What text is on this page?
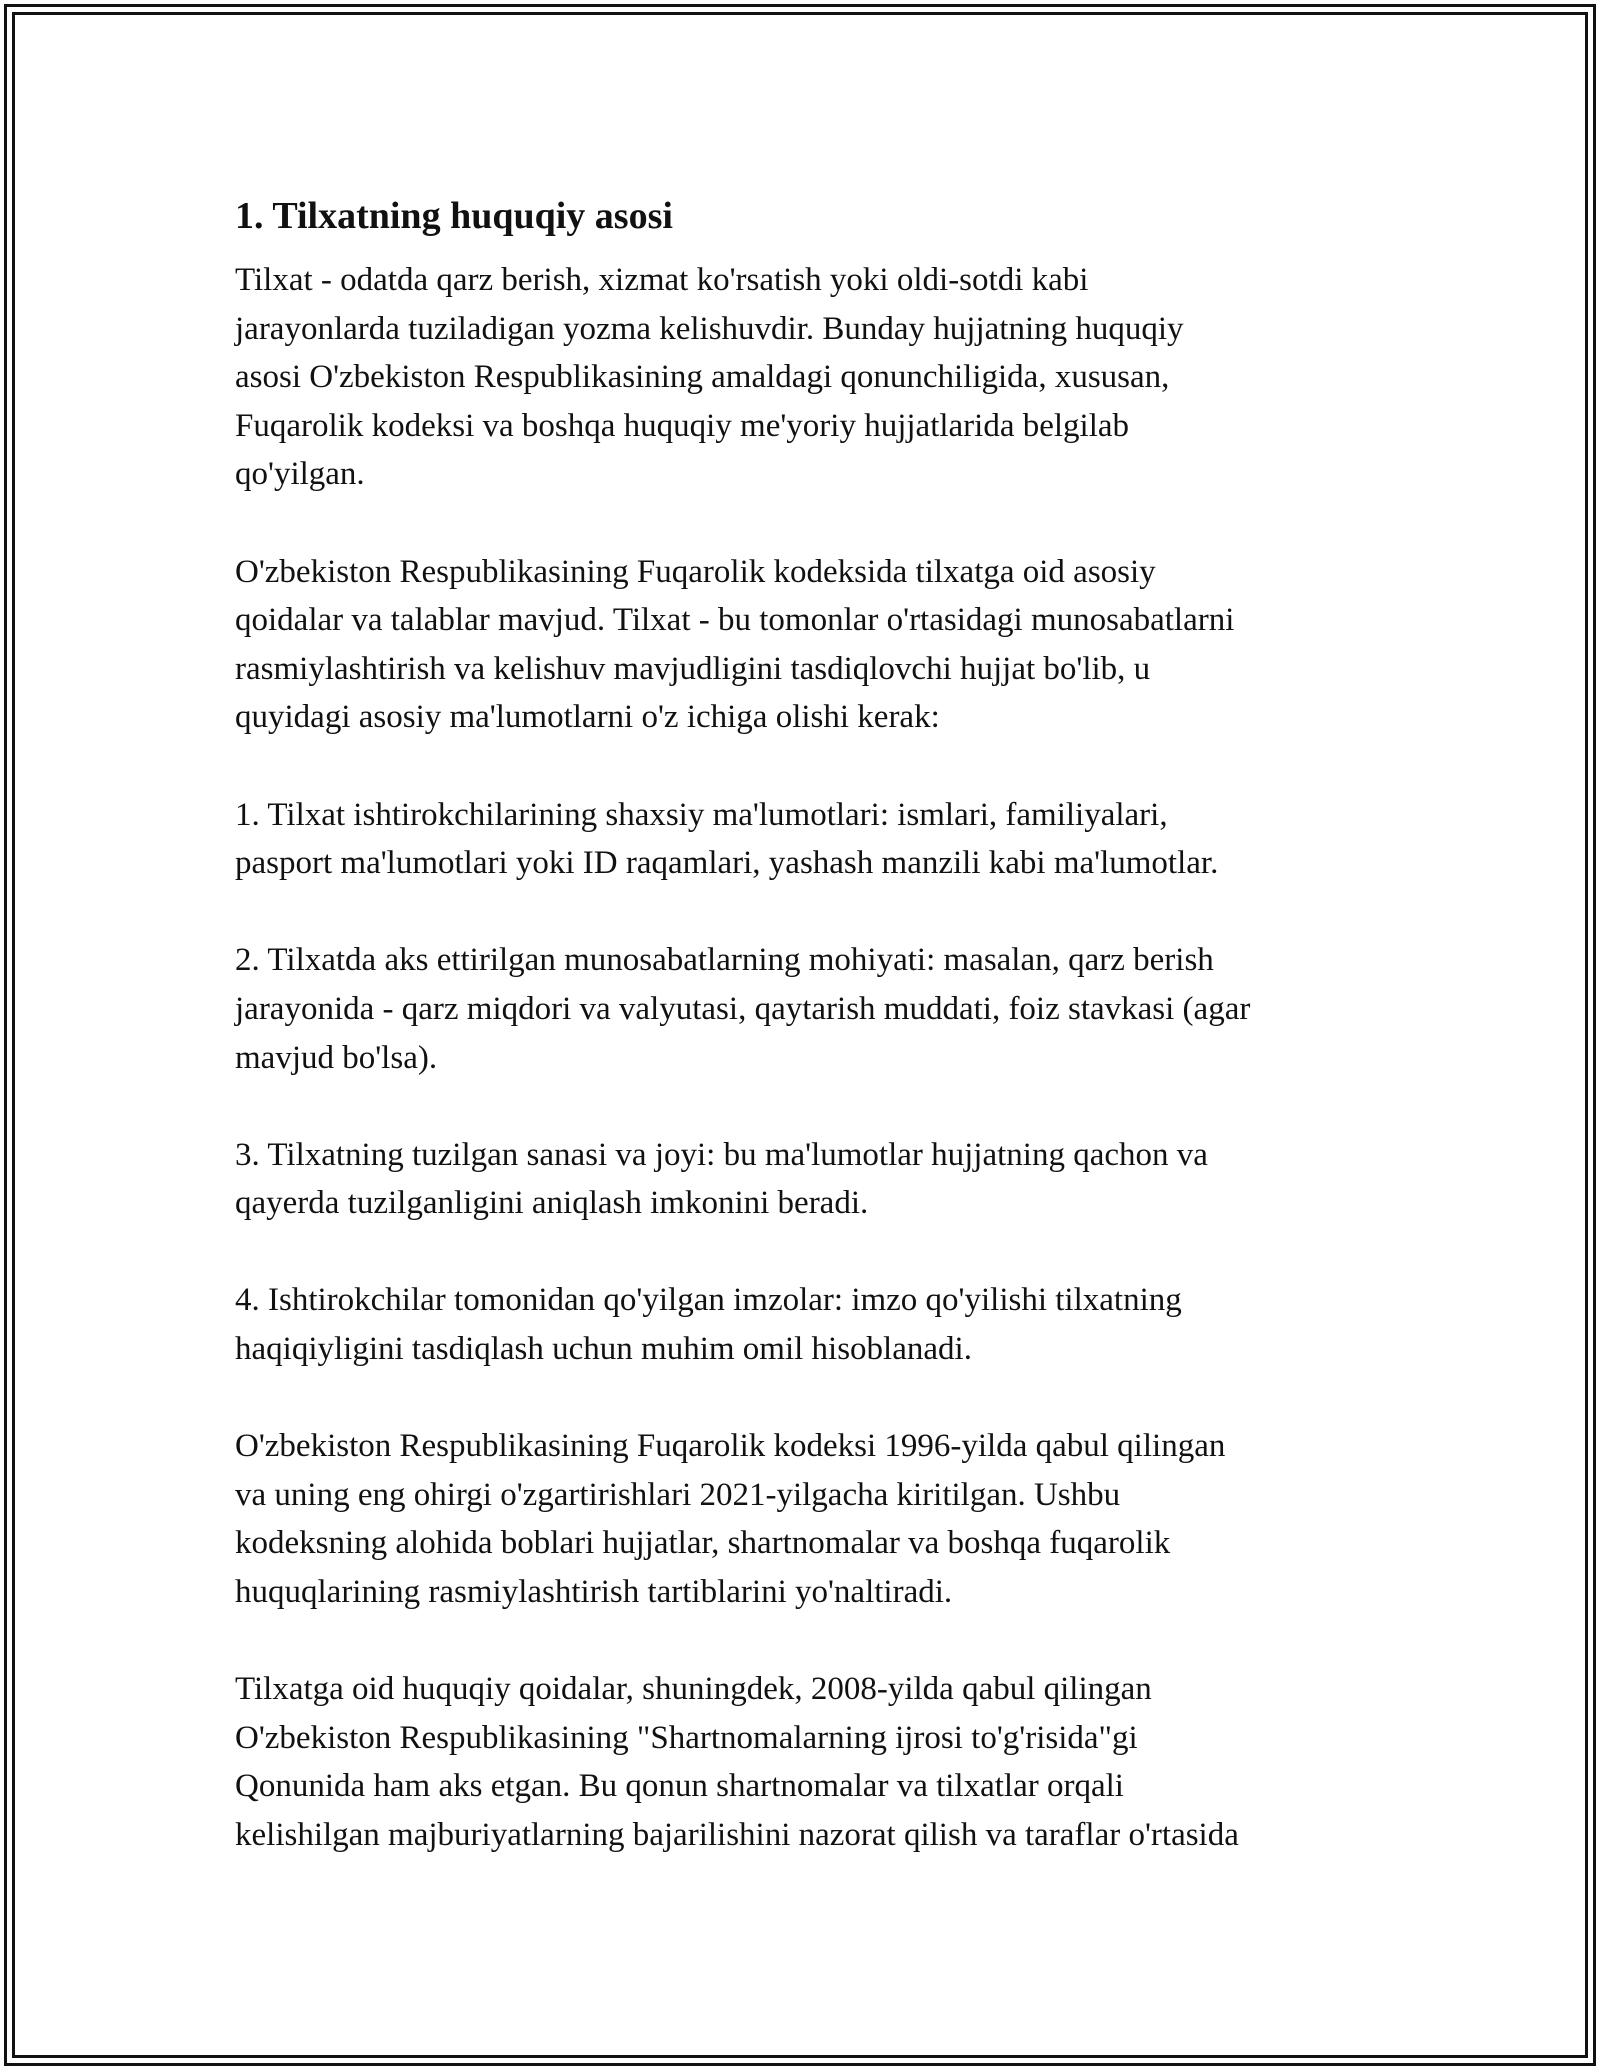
1. Tilxatning huquqiy asosi

Tilxat - odatda qarz berish, xizmat ko'rsatish yoki oldi-sotdi kabi
jarayonlarda tuziladigan yozma kelishuvdir. Bunday hujjatning huquqiy
asosi O'zbekiston Respublikasining amaldagi qonunchiligida, xususan,
Fuqarolik kodeksi va boshqa huquqiy me'yoriy hujjatlarida belgilab
qo'yilgan.

O'zbekiston Respublikasining Fuqarolik kodeksida tilxatga oid asosiy
qoidalar va talablar mavjud. Tilxat - bu tomonlar o'rtasidagi munosabatlarni
rasmiylashtirish va kelishuv mavjudligini tasdiqlovchi hujjat bo'lib, u
quyidagi asosiy ma'lumotlarni o'z ichiga olishi kerak:

1. Tilxat ishtirokchilarining shaxsiy ma'lumotlari: ismlari, familiyalari,
pasport ma'lumotlari yoki ID raqamlari, yashash manzili kabi ma'lumotlar.

2. Tilxatda aks ettirilgan munosabatlarning mohiyati: masalan, qarz berish
jarayonida - qarz miqdori va valyutasi, qaytarish muddati, foiz stavkasi (agar
mavjud bo'lsa).

3. Tilxatning tuzilgan sanasi va joyi: bu ma'lumotlar hujjatning qachon va
qayerda tuzilganligini aniqlash imkonini beradi.

4. Ishtirokchilar tomonidan qo'yilgan imzolar: imzo qo'yilishi tilxatning
haqiqiyligini tasdiqlash uchun muhim omil hisoblanadi.

O'zbekiston Respublikasining Fuqarolik kodeksi 1996-yilda qabul qilingan
va uning eng ohirgi o'zgartirishlari 2021-yilgacha kiritilgan. Ushbu
kodeksning alohida boblari hujjatlar, shartnomalar va boshqa fuqarolik
huquqlarining rasmiylashtirish tartiblarini yo'naltiradi.

Tilxatga oid huquqiy qoidalar, shuningdek, 2008-yilda qabul qilingan
O'zbekiston Respublikasining "Shartnomalarning ijrosi to'g'risida"gi
Qonunida ham aks etgan. Bu qonun shartnomalar va tilxatlar orqali
kelishilgan majburiyatlarning bajarilishini nazorat qilish va taraflar o'rtasida
